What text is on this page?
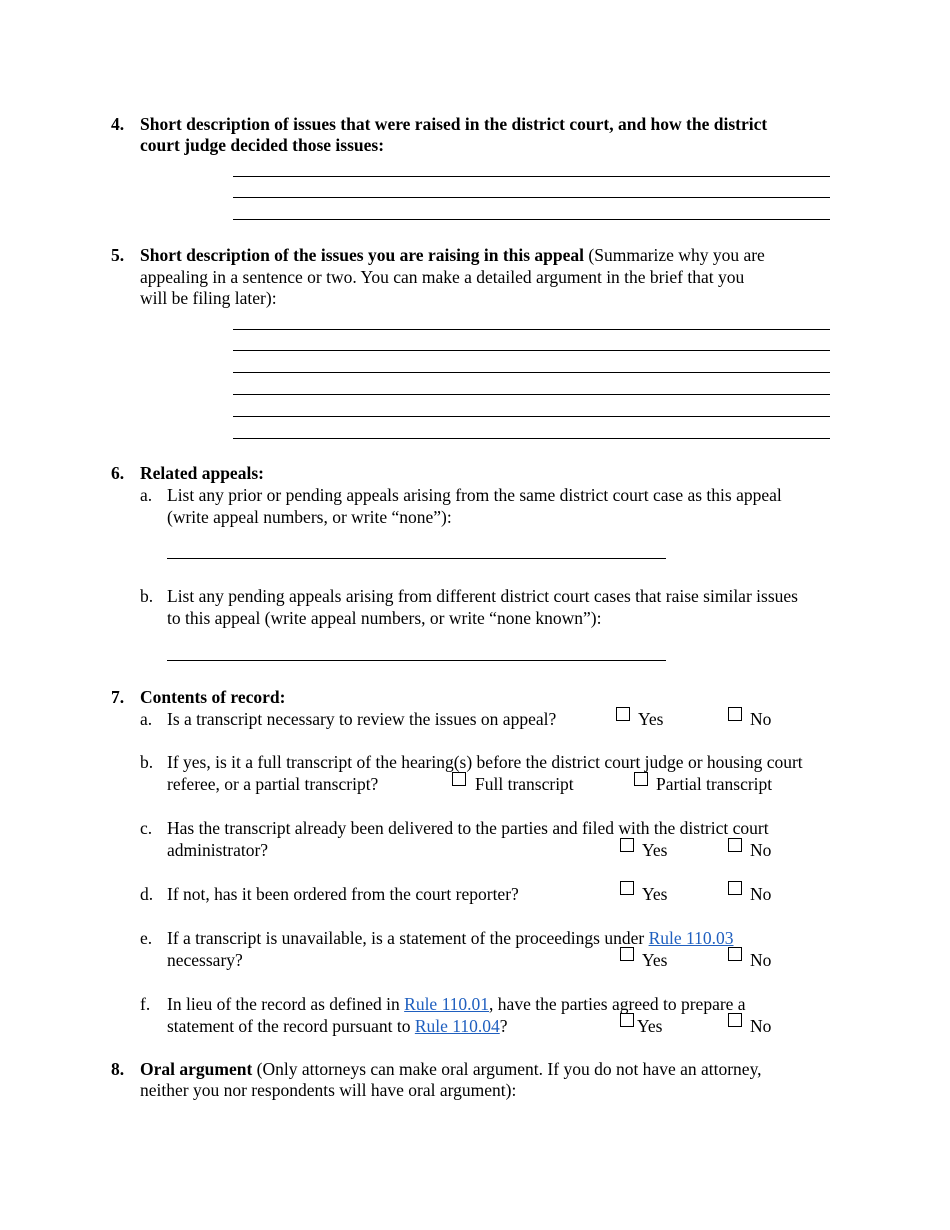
4. Short description of issues that were raised in the district court, and how the district
court judge decided those issues:
5. Short description of the issues you are raising in this appeal (Summarize why you are
appealing in a sentence or two. You can make a detailed argument in the brief that you
will be filing later):
6. Related appeals:
a. List any prior or pending appeals arising from the same district court case as this appeal
(write appeal numbers, or write “none”):
b. List any pending appeals arising from different district court cases that raise similar issues
to this appeal (write appeal numbers, or write “none known”):
7. Contents of record:
a. Is a transcript necessary to review the issues on appeal?	Yes	No
b. If yes, is it a full transcript of the hearing(s) before the district court judge or housing court
referee, or a partial transcript?	Full transcript	Partial transcript
c. Has the transcript already been delivered to the parties and filed with the district court
administrator?	Yes	No
d. If not, has it been ordered from the court reporter?	Yes	No
e. If a transcript is unavailable, is a statement of the proceedings under Rule 110.03
necessary?	Yes	No
f. In lieu of the record as defined in Rule 110.01, have the parties agreed to prepare a
statement of the record pursuant to Rule 110.04?	Yes	No
8. Oral argument (Only attorneys can make oral argument. If you do not have an attorney,
neither you nor respondents will have oral argument):
